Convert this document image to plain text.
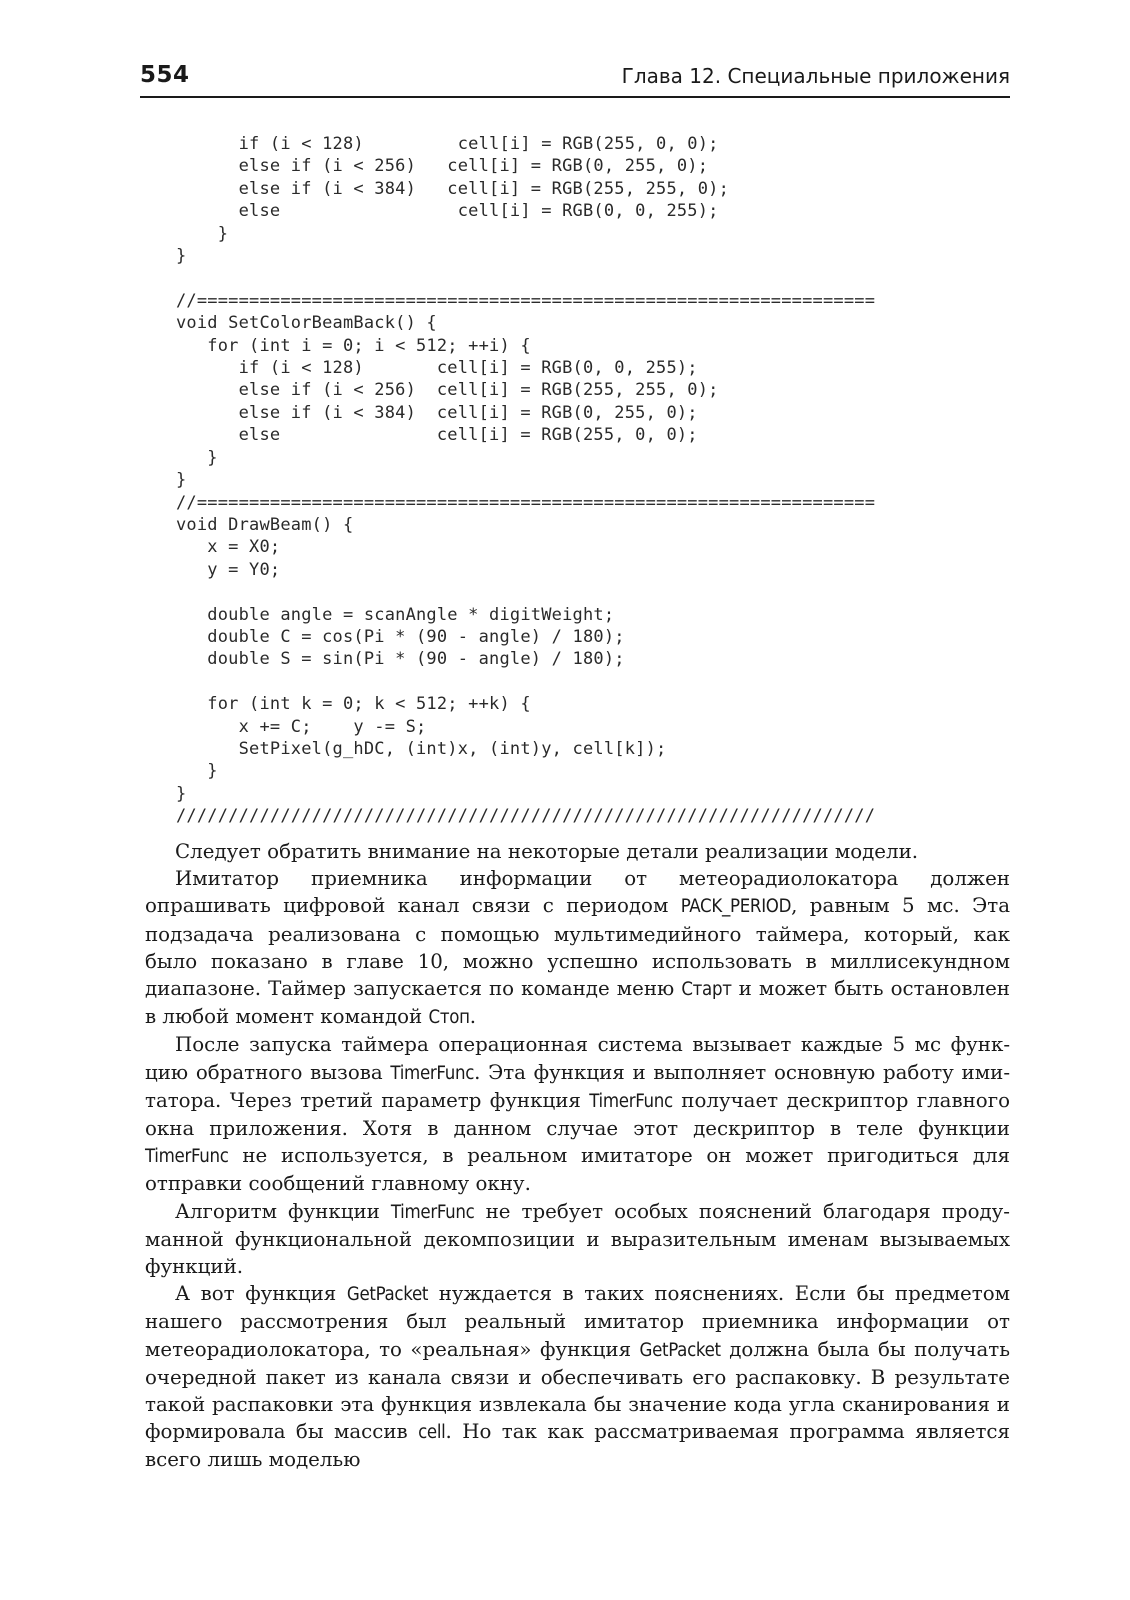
554	Глава 12. Специальные приложения
if (i < 128)         cell[i] = RGB(255, 0, 0);
else if (i < 256)   cell[i] = RGB(0, 255, 0);
else if (i < 384)   cell[i] = RGB(255, 255, 0);
else                 cell[i] = RGB(0, 0, 255);
}
}

//=================================================================
void SetColorBeamBack() {
for (int i = 0; i < 512; ++i) {
if (i < 128)       cell[i] = RGB(0, 0, 255);
else if (i < 256)  cell[i] = RGB(255, 255, 0);
else if (i < 384)  cell[i] = RGB(0, 255, 0);
else               cell[i] = RGB(255, 0, 0);
}
}
//=================================================================
void DrawBeam() {
x = X0;
y = Y0;

double angle = scanAngle * digitWeight;
double C = cos(Pi * (90 - angle) / 180);
double S = sin(Pi * (90 - angle) / 180);

for (int k = 0; k < 512; ++k) {
x += C;    y -= S;
SetPixel(g_hDC, (int)x, (int)y, cell[k]);
}
}
///////////////////////////////////////////////////////////////////

Следует обратить внимание на некоторые детали реализации модели.

Имитатор приемника информации от метеорадиолокатора должен опрашивать цифровой канал связи с периодом PACK_PERIOD, равным 5 мс. Эта подзадача реализована с помощью мультимедийного таймера, который, как было показано в главе 10, можно успешно использовать в миллисекундном диапазоне. Таймер запускается по команде меню Старт и может быть остановлен в любой момент командой Стоп.

После запуска таймера операционная система вызывает каждые 5 мс функцию обратного вызова TimerFunc. Эта функция и выполняет основную работу имитатора. Через третий параметр функция TimerFunc получает дескриптор главного окна приложения. Хотя в данном случае этот дескриптор в теле функции TimerFunc не используется, в реальном имитаторе он может пригодиться для отправки сообщений главному окну.

Алгоритм функции TimerFunc не требует особых пояснений благодаря продуманной функциональной декомпозиции и выразительным именам вызываемых функций.

А вот функция GetPacket нуждается в таких пояснениях. Если бы предметом нашего рассмотрения был реальный имитатор приемника информации от метеорадиолокатора, то «реальная» функция GetPacket должна была бы получать очередной пакет из канала связи и обеспечивать его распаковку. В результате такой распаковки эта функция извлекала бы значение кода угла сканирования и формировала бы массив cell. Но так как рассматриваемая программа является всего лишь моделью
